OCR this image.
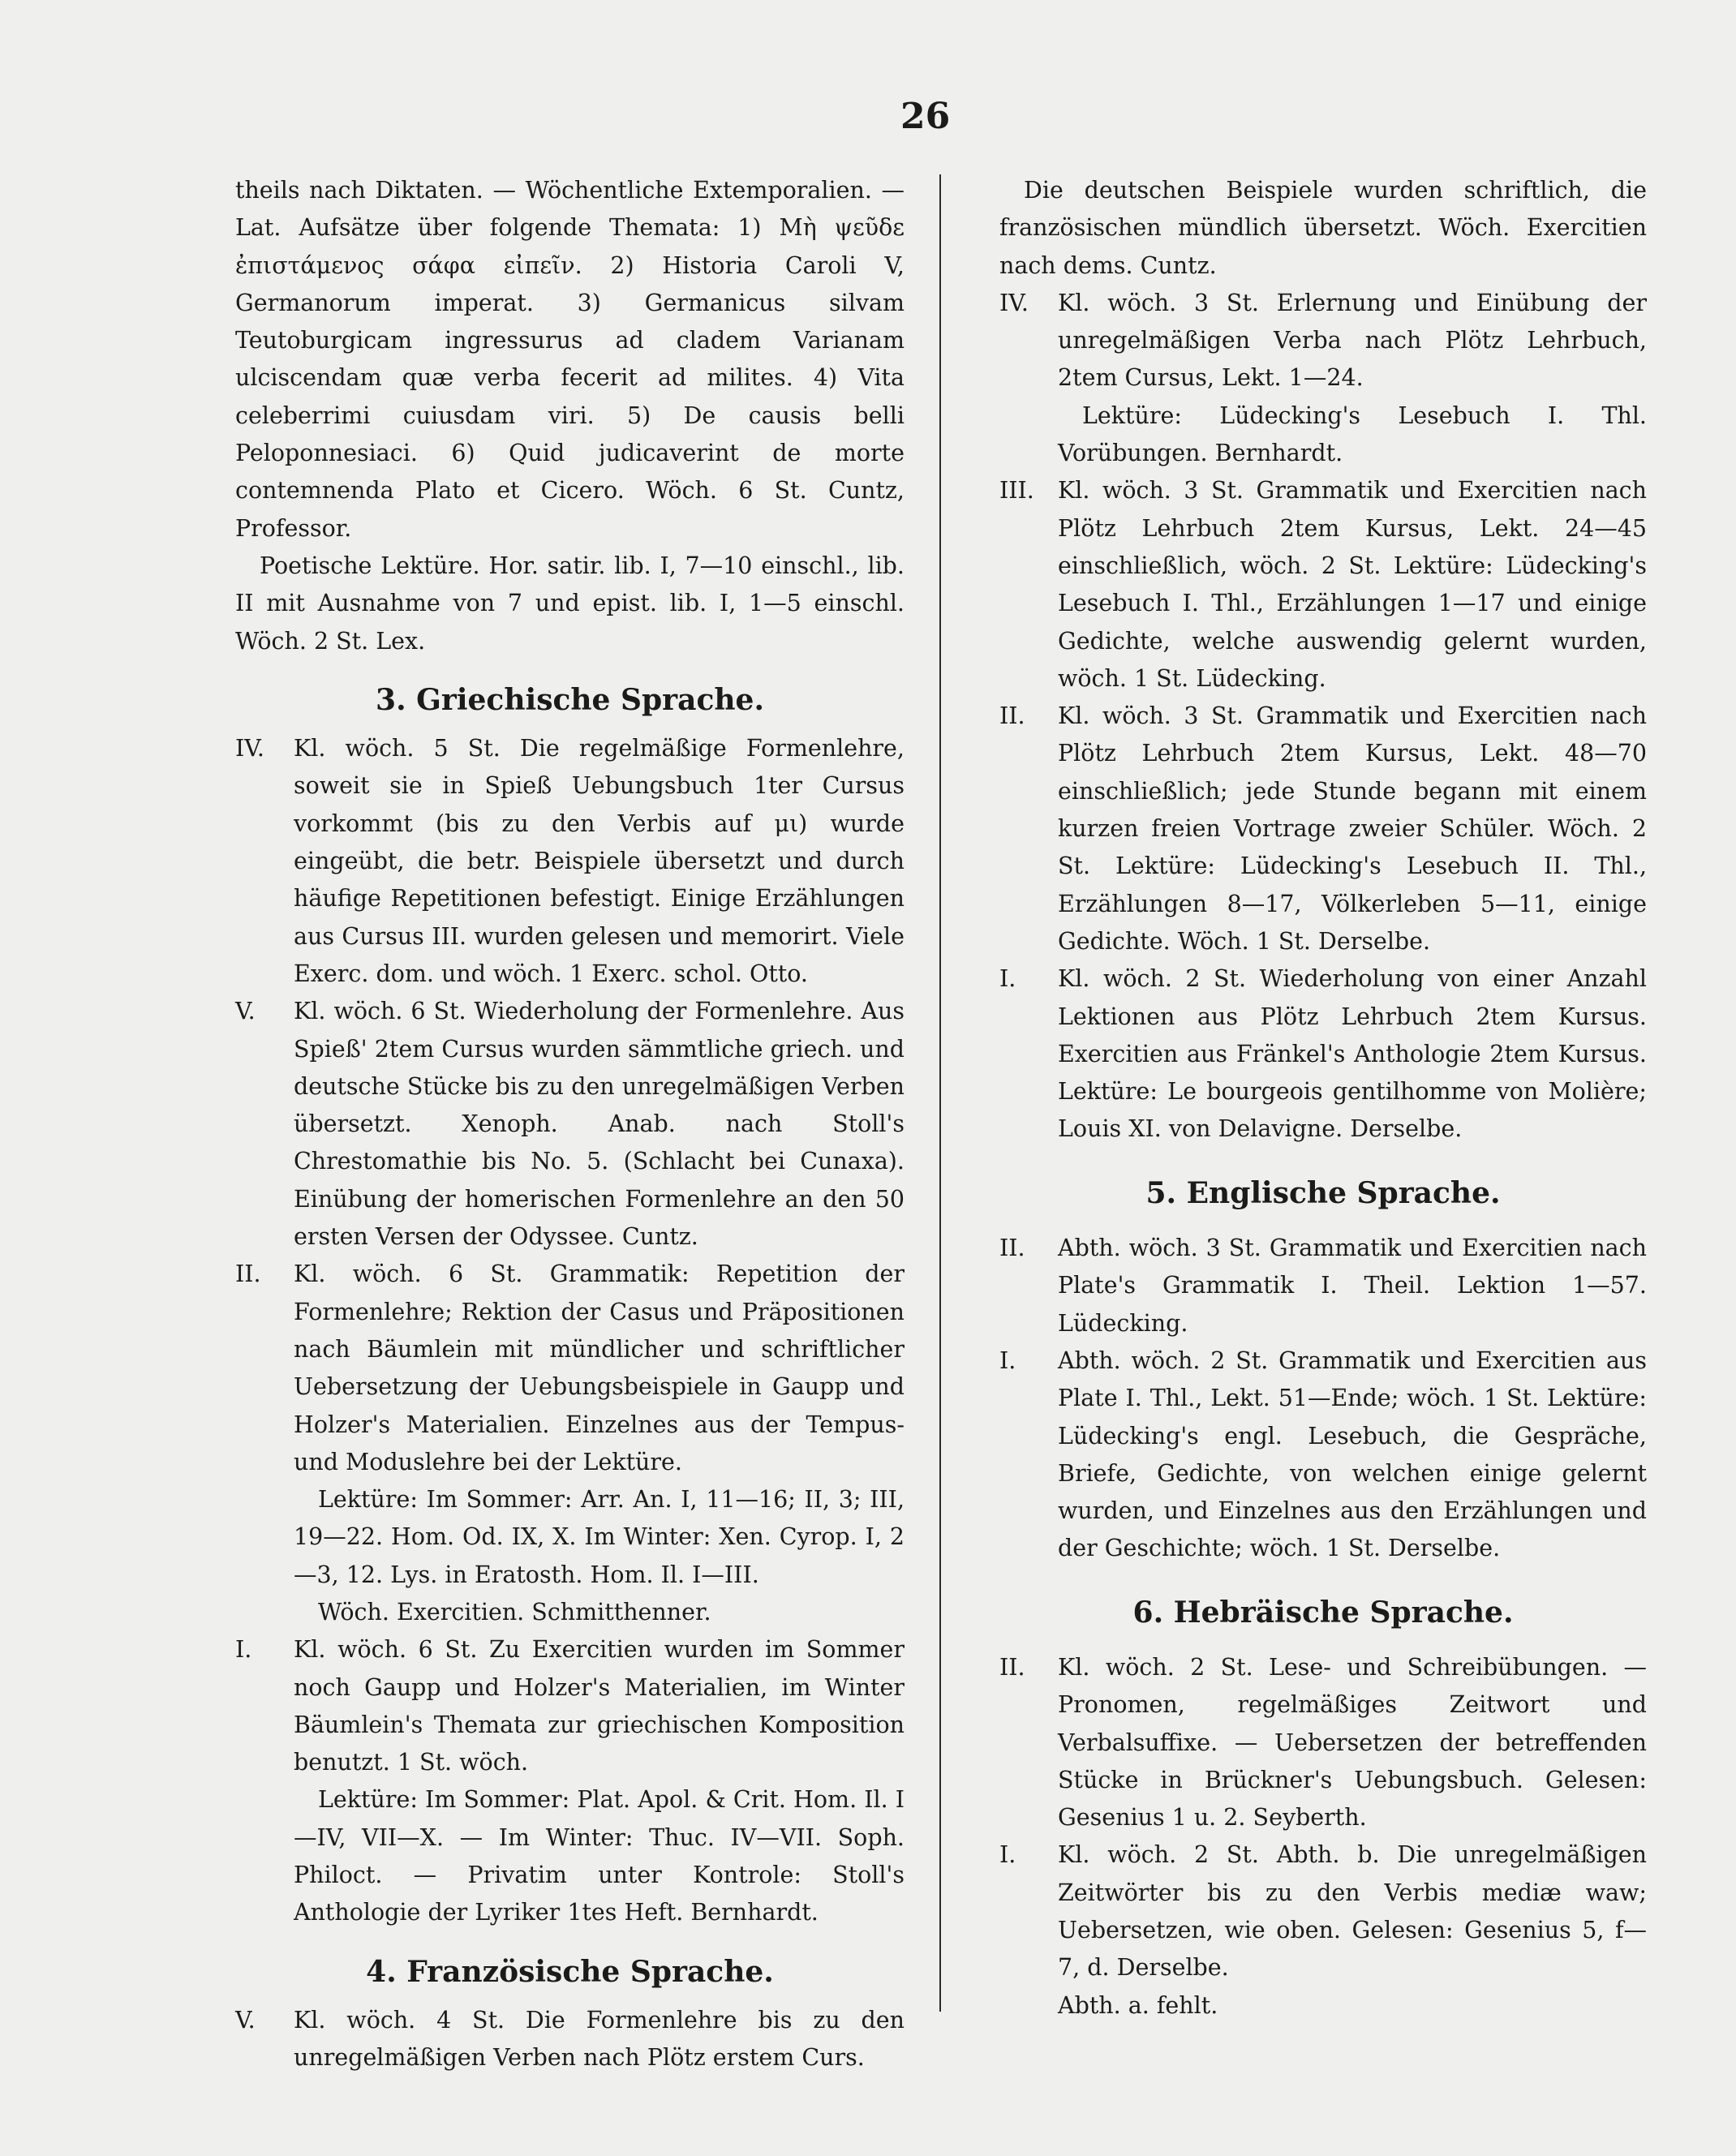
26

theils nach Diktaten. — Wöchentliche Extemporalien. — Lat. Aufsätze über folgende Themata: 1) Μὴ ψεῦδε ἐπιστάμενος σάφα εἰπεῖν. 2) Historia Caroli V, Germanorum imperat. 3) Germanicus silvam Teutoburgicam ingressurus ad cladem Varianam ulciscendam quæ verba fecerit ad milites. 4) Vita celeberrimi cuiusdam viri. 5) De causis belli Peloponnesiaci. 6) Quid judicaverint de morte contemnenda Plato et Cicero. Wöch. 6 St. Cuntz, Professor.

Poetische Lektüre. Hor. satir. lib. I, 7—10 einschl., lib. II mit Ausnahme von 7 und epist. lib. I, 1—5 einschl. Wöch. 2 St. Lex.

3. Griechische Sprache.
IV.	Kl. wöch. 5 St. Die regelmäßige Formenlehre, soweit sie in Spieß Uebungsbuch 1ter Cursus vorkommt (bis zu den Verbis auf μι) wurde eingeübt, die betr. Beispiele übersetzt und durch häufige Repetitionen befestigt. Einige Erzählungen aus Cursus III. wurden gelesen und memorirt. Viele Exerc. dom. und wöch. 1 Exerc. schol. Otto.

V.	Kl. wöch. 6 St. Wiederholung der Formenlehre. Aus Spieß' 2tem Cursus wurden sämmtliche griech. und deutsche Stücke bis zu den unregelmäßigen Verben übersetzt. Xenoph. Anab. nach Stoll's Chrestomathie bis No. 5. (Schlacht bei Cunaxa). Einübung der homerischen Formenlehre an den 50 ersten Versen der Odyssee. Cuntz.

II.	Kl. wöch. 6 St. Grammatik: Repetition der Formenlehre; Rektion der Casus und Präpositionen nach Bäumlein mit mündlicher und schriftlicher Uebersetzung der Uebungsbeispiele in Gaupp und Holzer's Materialien. Einzelnes aus der Tempus- und Moduslehre bei der Lektüre.

Lektüre: Im Sommer: Arr. An. I, 11—16; II, 3; III, 19—22. Hom. Od. IX, X. Im Winter: Xen. Cyrop. I, 2—3, 12. Lys. in Eratosth. Hom. Il. I—III.

Wöch. Exercitien. Schmitthenner.

I.	Kl. wöch. 6 St. Zu Exercitien wurden im Sommer noch Gaupp und Holzer's Materialien, im Winter Bäumlein's Themata zur griechischen Komposition benutzt. 1 St. wöch.

Lektüre: Im Sommer: Plat. Apol. & Crit. Hom. Il. I—IV, VII—X. — Im Winter: Thuc. IV—VII. Soph. Philoct. — Privatim unter Kontrole: Stoll's Anthologie der Lyriker 1tes Heft. Bernhardt.

4. Französische Sprache.
V.	Kl. wöch. 4 St. Die Formenlehre bis zu den unregelmäßigen Verben nach Plötz erstem Curs.

Die deutschen Beispiele wurden schriftlich, die französischen mündlich übersetzt. Wöch. Exercitien nach dems. Cuntz.

IV.	Kl. wöch. 3 St. Erlernung und Einübung der unregelmäßigen Verba nach Plötz Lehrbuch, 2tem Cursus, Lekt. 1—24.

Lektüre: Lüdecking's Lesebuch I. Thl. Vorübungen. Bernhardt.

III.	Kl. wöch. 3 St. Grammatik und Exercitien nach Plötz Lehrbuch 2tem Kursus, Lekt. 24—45 einschließlich, wöch. 2 St. Lektüre: Lüdecking's Lesebuch I. Thl., Erzählungen 1—17 und einige Gedichte, welche auswendig gelernt wurden, wöch. 1 St. Lüdecking.

II.	Kl. wöch. 3 St. Grammatik und Exercitien nach Plötz Lehrbuch 2tem Kursus, Lekt. 48—70 einschließlich; jede Stunde begann mit einem kurzen freien Vortrage zweier Schüler. Wöch. 2 St. Lektüre: Lüdecking's Lesebuch II. Thl., Erzählungen 8—17, Völkerleben 5—11, einige Gedichte. Wöch. 1 St. Derselbe.

I.	Kl. wöch. 2 St. Wiederholung von einer Anzahl Lektionen aus Plötz Lehrbuch 2tem Kursus. Exercitien aus Fränkel's Anthologie 2tem Kursus. Lektüre: Le bourgeois gentilhomme von Molière; Louis XI. von Delavigne. Derselbe.

5. Englische Sprache.
II.	Abth. wöch. 3 St. Grammatik und Exercitien nach Plate's Grammatik I. Theil. Lektion 1—57. Lüdecking.

I.	Abth. wöch. 2 St. Grammatik und Exercitien aus Plate I. Thl., Lekt. 51—Ende; wöch. 1 St. Lektüre: Lüdecking's engl. Lesebuch, die Gespräche, Briefe, Gedichte, von welchen einige gelernt wurden, und Einzelnes aus den Erzählungen und der Geschichte; wöch. 1 St. Derselbe.

6. Hebräische Sprache.
II.	Kl. wöch. 2 St. Lese- und Schreibübungen. — Pronomen, regelmäßiges Zeitwort und Verbalsuffixe. — Uebersetzen der betreffenden Stücke in Brückner's Uebungsbuch. Gelesen: Gesenius 1 u. 2. Seyberth.

I.	Kl. wöch. 2 St. Abth. b. Die unregelmäßigen Zeitwörter bis zu den Verbis mediæ waw; Uebersetzen, wie oben. Gelesen: Gesenius 5, f—7, d. Derselbe.

Abth. a. fehlt.
